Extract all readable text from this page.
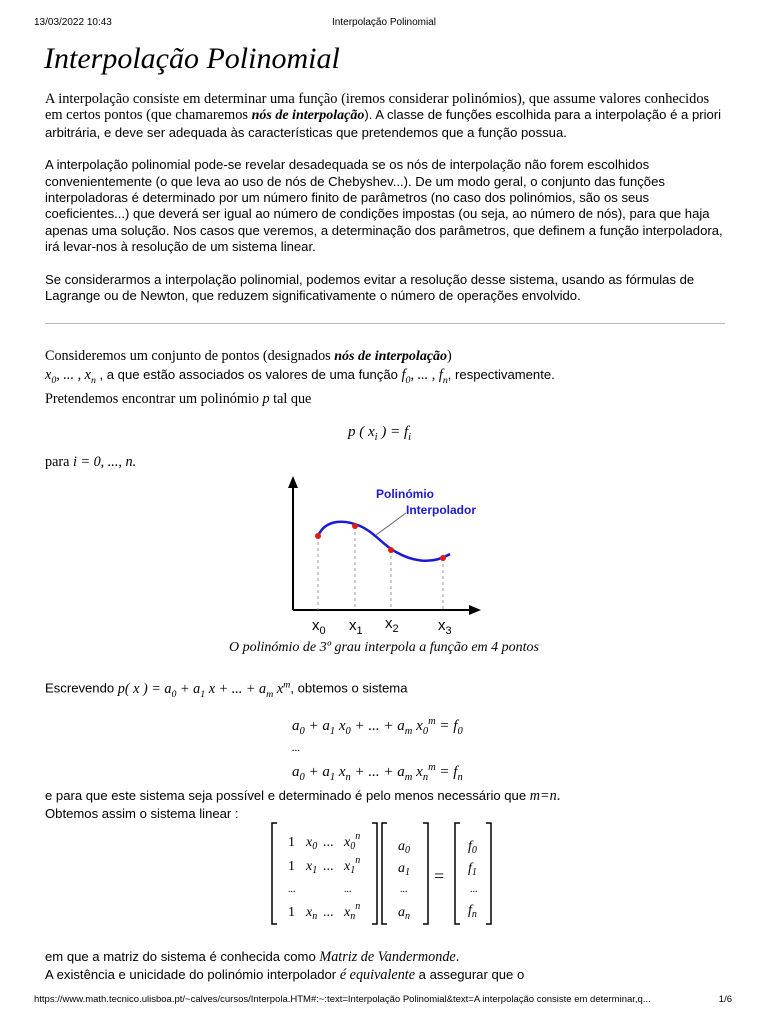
13/03/2022 10:43	Interpolação Polinomial
Interpolação Polinomial

A interpolação consiste em determinar uma função (iremos considerar polinómios), que assume valores conhecidos em certos pontos (que chamaremos nós de interpolação). A classe de funções escolhida para a interpolação é a priori arbitrária, e deve ser adequada às características que pretendemos que a função possua.

A interpolação polinomial pode-se revelar desadequada se os nós de interpolação não forem escolhidos convenientemente (o que leva ao uso de nós de Chebyshev...). De um modo geral, o conjunto das funções interpoladoras é determinado por um número finito de parâmetros (no caso dos polinómios, são os seus coeficientes...) que deverá ser igual ao número de condições impostas (ou seja, ao número de nós), para que haja apenas uma solução. Nos casos que veremos, a determinação dos parâmetros, que definem a função interpoladora, irá levar-nos à resolução de um sistema linear.

Se considerarmos a interpolação polinomial, podemos evitar a resolução desse sistema, usando as fórmulas de Lagrange ou de Newton, que reduzem significativamente o número de operações envolvido.

Consideremos um conjunto de pontos (designados nós de interpolação)
$x_0$, ... , $x_n$ , a que estão associados os valores de uma função $f_0$, ... , $f_n$, respectivamente.
Pretendemos encontrar um polinómio p tal que
p ( $x_i$ ) = $f_i$
para i = 0, ..., n.
Polinómio
Interpolador
$x_0$ $x_1$ $x_2$	$x_3$
O polinómio de 3º grau interpola a função em 4 pontos
Escrevendo p( x ) = $a_0 + a_1$ x + ... + $a_m$ $x^m$, obtemos o sistema
$a_0 + a_1$ $x_0$ + ... + $a_m$ $x_0^m = f_0$
...
$a_0 + a_1$ $x_n$ + ... + $a_m$ $x_n^m = f_n$
e para que este sistema seja possível e determinado é pelo menos necessário que m=n.
Obtemos assim o sistema linear :
1 $x_0$ ... $x_0^n$
1 $x_1$ ... $x_1^n$
...	...
1 $x_n$ ... $x_n^n$
$a_0$
$a_1$
...
$a_n$
=
$f_0$
$f_1$
...
$f_n$
em que a matriz do sistema é conhecida como Matriz de Vandermonde.
A existência e unicidade do polinómio interpolador é equivalente a assegurar que o
https://www.math.tecnico.ulisboa.pt/~calves/cursos/Interpola.HTM#:~:text=Interpolação Polinomial&text=A interpolação consiste em determinar,q...	1/6
